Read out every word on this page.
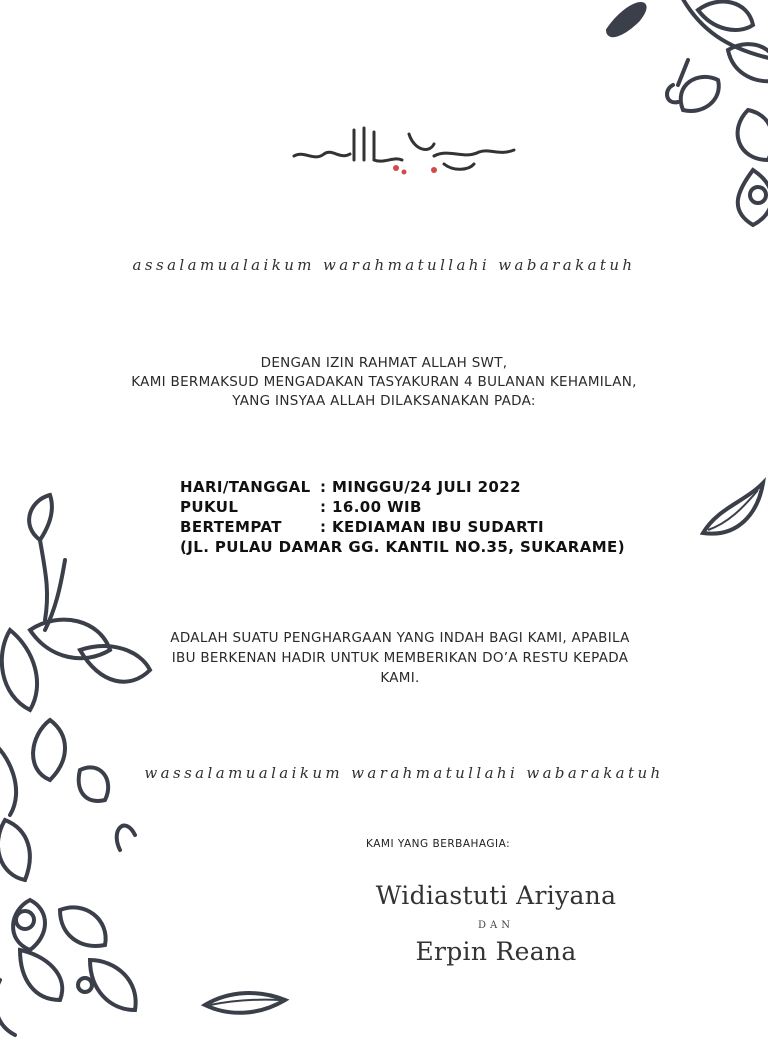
assalamualaikum warahmatullahi wabarakatuh
DENGAN IZIN RAHMAT ALLAH SWT,
KAMI BERMAKSUD MENGADAKAN TASYAKURAN 4 BULANAN KEHAMILAN,
YANG INSYAA ALLAH DILAKSANAKAN PADA:
HARI/TANGGAL : MINGGU/24 JULI 2022
PUKUL	: 16.00 WIB
BERTEMPAT	: KEDIAMAN IBU SUDARTI
(JL. PULAU DAMAR GG. KANTIL NO.35, SUKARAME)
ADALAH SUATU PENGHARGAAN YANG INDAH BAGI KAMI, APABILA
IBU BERKENAN HADIR UNTUK MEMBERIKAN DO’A RESTU KEPADA
KAMI.
wassalamualaikum warahmatullahi wabarakatuh
KAMI YANG BERBAHAGIA:
Widiastuti Ariyana
DAN
Erpin Reana
